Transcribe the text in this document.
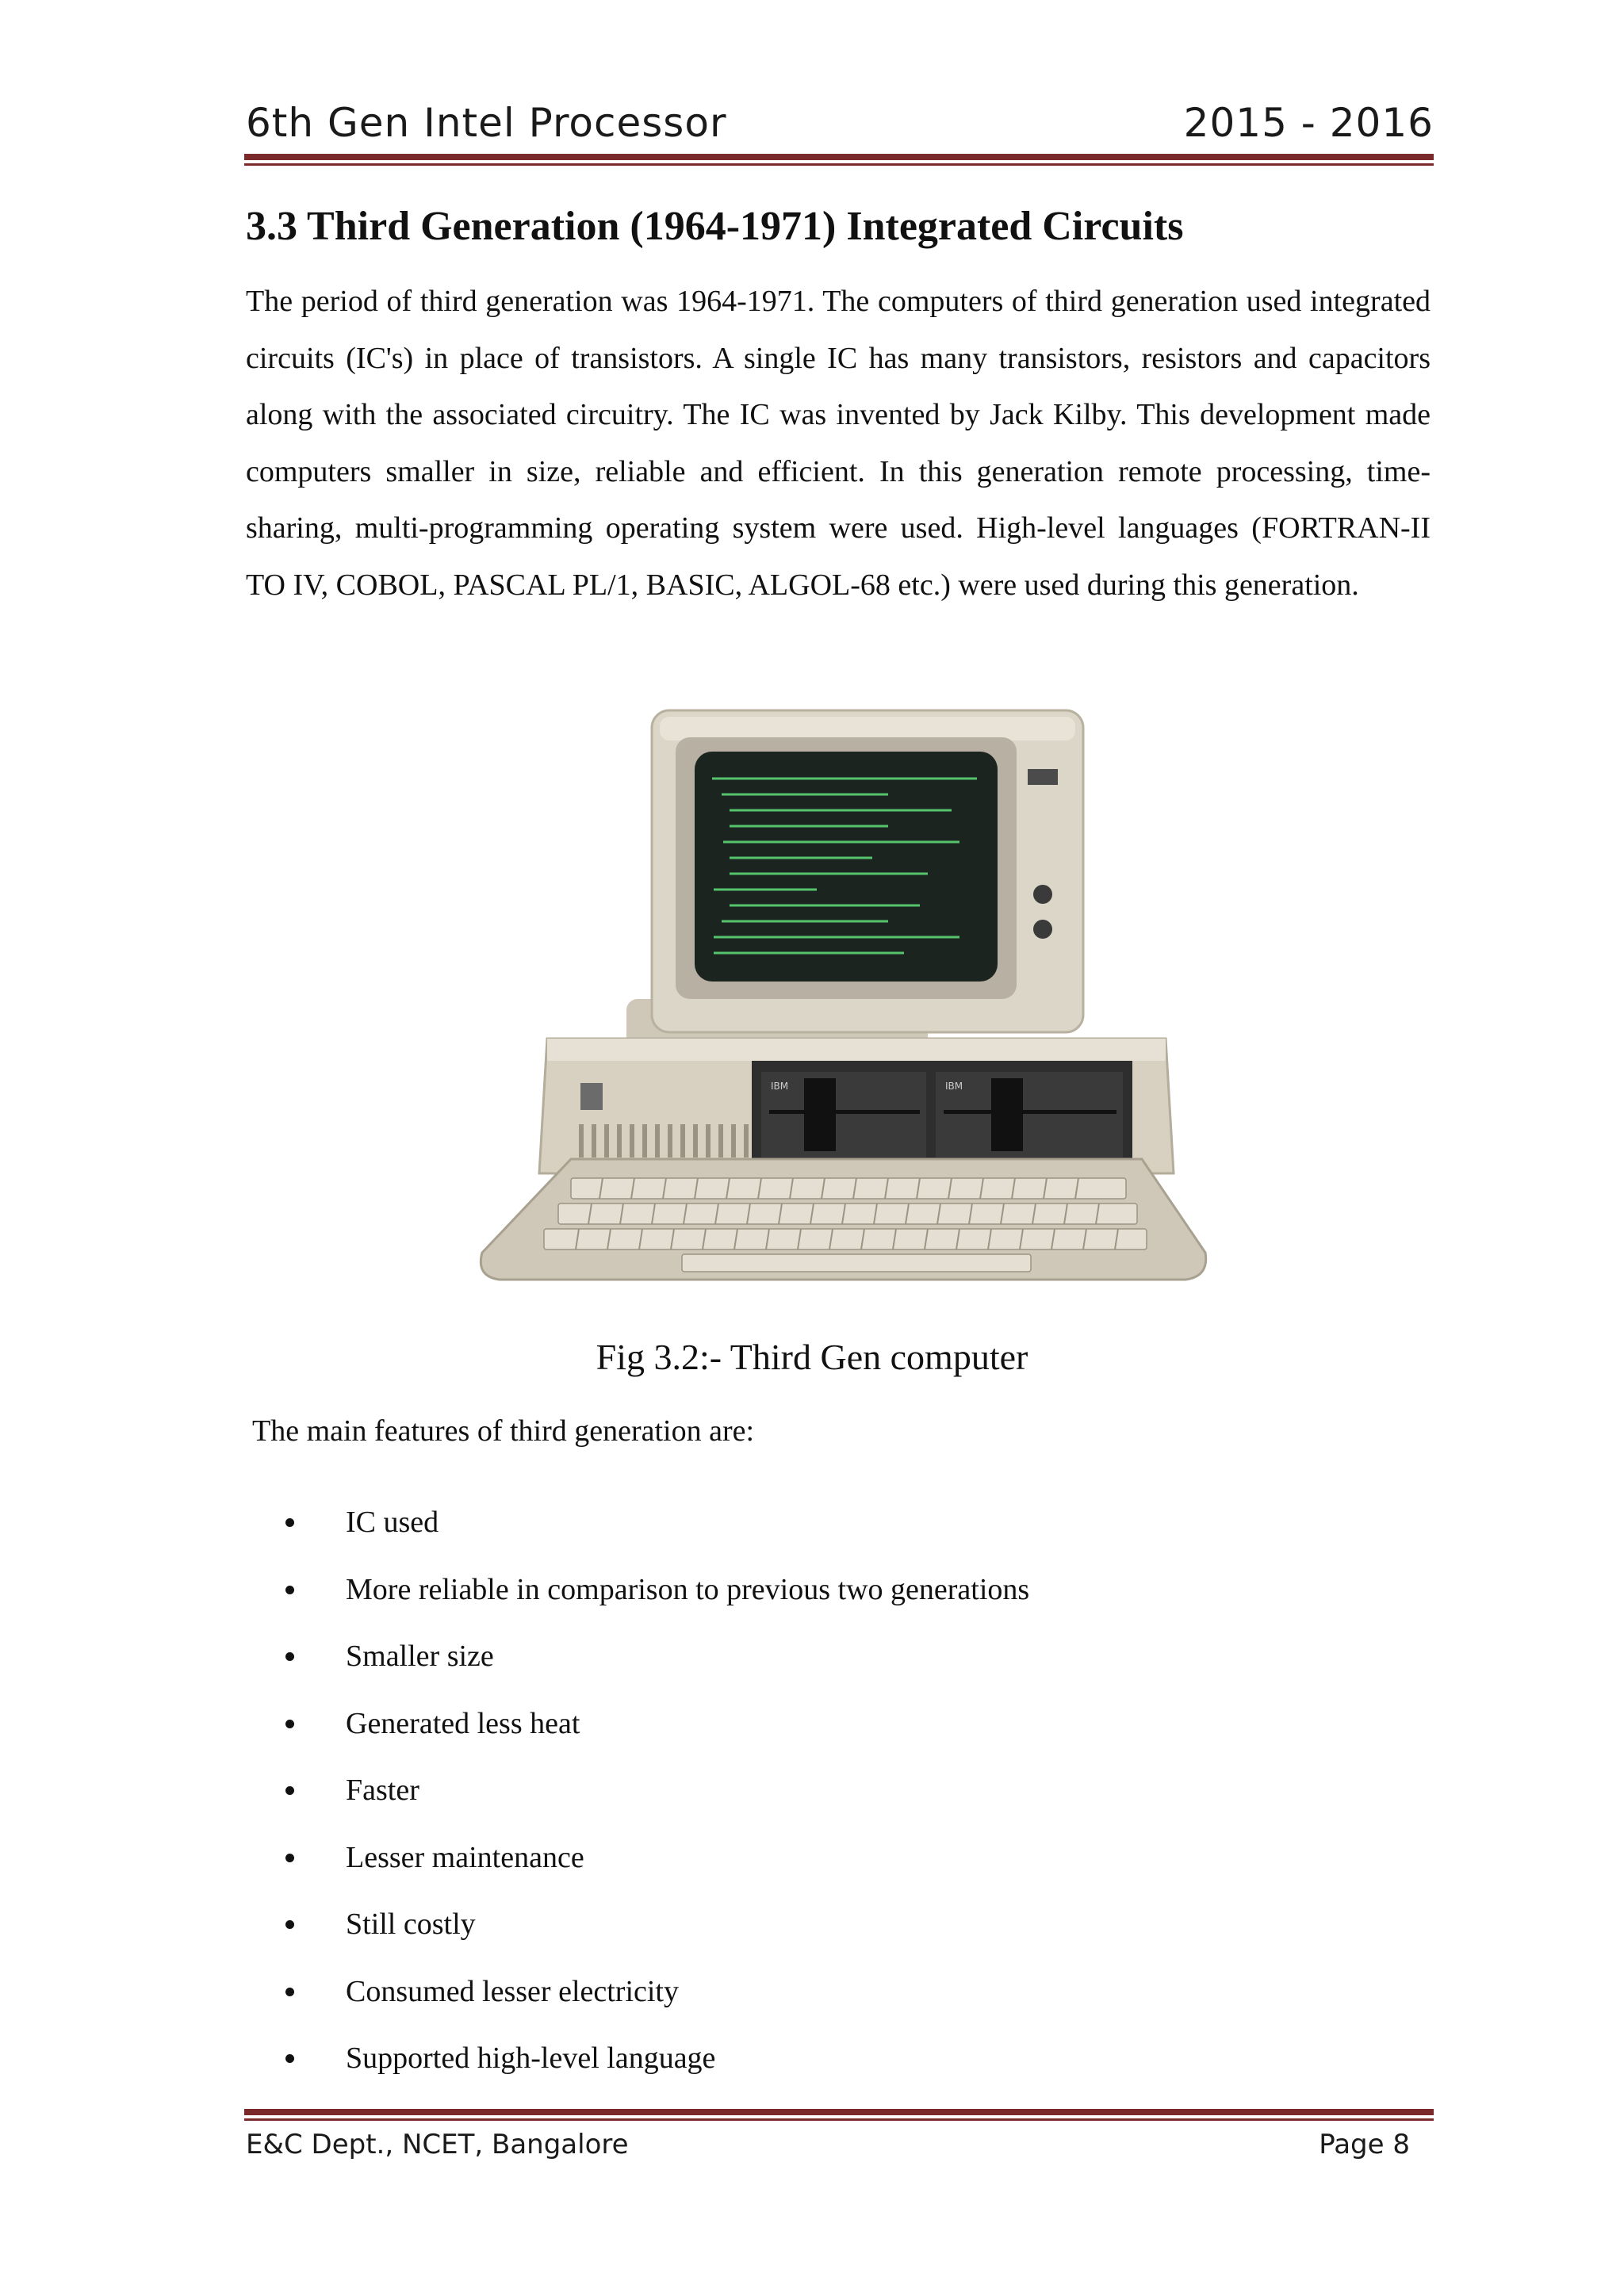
6th Gen Intel Processor	2015 - 2016
3.3 Third Generation (1964-1971) Integrated Circuits

The period of third generation was 1964-1971. The computers of third generation used integrated circuits (IC's) in place of transistors. A single IC has many transistors, resistors and capacitors along with the associated circuitry. The IC was invented by Jack Kilby. This development made computers smaller in size, reliable and efficient. In this generation remote processing, time-sharing, multi-programming operating system were used. High-level languages (FORTRAN-II TO IV, COBOL, PASCAL PL/1, BASIC, ALGOL-68 etc.) were used during this generation.

IBM	IBM
Fig 3.2:- Third Gen computer
The main features of third generation are:
IC used
More reliable in comparison to previous two generations
Smaller size
Generated less heat
Faster
Lesser maintenance
Still costly
Consumed lesser electricity
Supported high-level language
E&C Dept., NCET, Bangalore	Page 8
